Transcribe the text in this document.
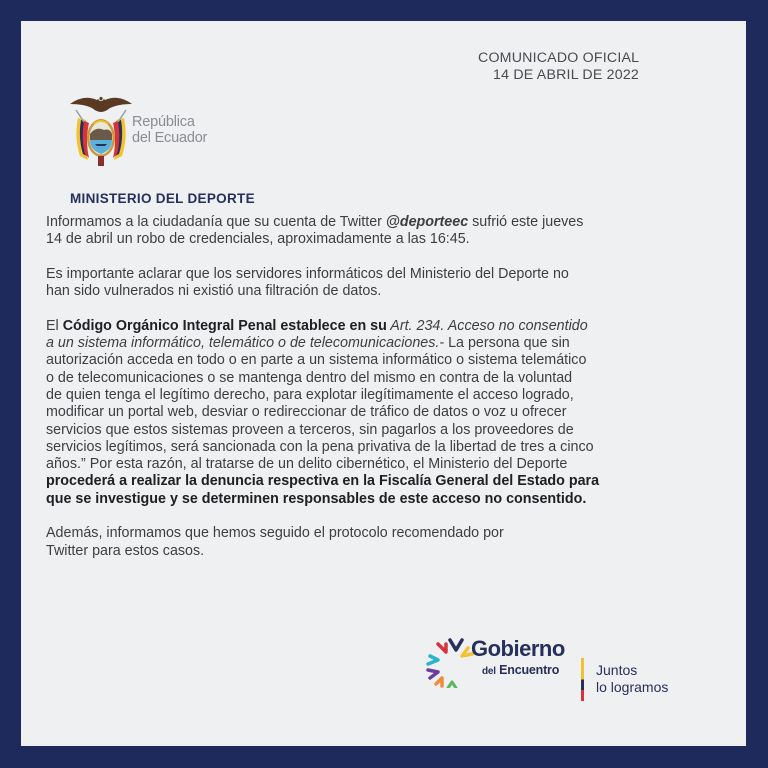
COMUNICADO OFICIAL
14 DE ABRIL DE 2022
República
del Ecuador
MINISTERIO DEL DEPORTE

Informamos a la ciudadanía que su cuenta de Twitter @deporteec sufrió este jueves
14 de abril un robo de credenciales, aproximadamente a las 16:45.

Es importante aclarar que los servidores informáticos del Ministerio del Deporte no
han sido vulnerados ni existió una filtración de datos.

El Código Orgánico Integral Penal establece en su Art. 234. Acceso no consentido
a un sistema informático, telemático o de telecomunicaciones.- La persona que sin
autorización acceda en todo o en parte a un sistema informático o sistema telemático
o de telecomunicaciones o se mantenga dentro del mismo en contra de la voluntad
de quien tenga el legítimo derecho, para explotar ilegítimamente el acceso logrado,
modificar un portal web, desviar o redireccionar de tráfico de datos o voz u ofrecer
servicios que estos sistemas proveen a terceros, sin pagarlos a los proveedores de
servicios legítimos, será sancionada con la pena privativa de la libertad de tres a cinco
años.” Por esta razón, al tratarse de un delito cibernético, el Ministerio del Deporte
procederá a realizar la denuncia respectiva en la Fiscalía General del Estado para
que se investigue y se determinen responsables de este acceso no consentido.

Además, informamos que hemos seguido el protocolo recomendado por
Twitter para estos casos.

Gobierno
del Encuentro	Juntos
lo logramos
